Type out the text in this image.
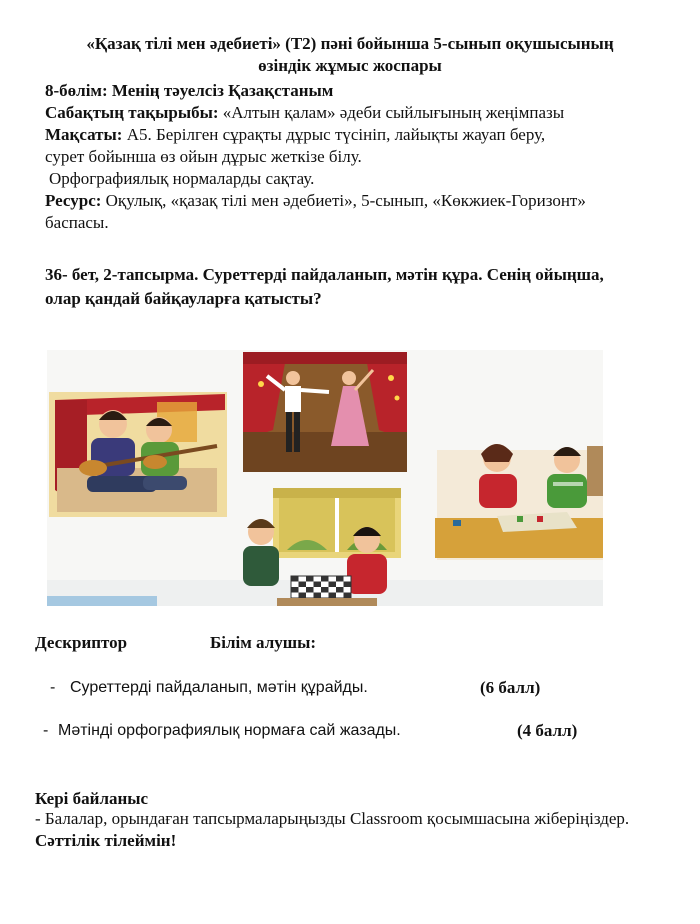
«Қазақ тілі мен әдебиеті» (Т2) пәні бойынша 5-сынып оқушысының
өзіндік жұмыс жоспары
8-бөлім: Менің тәуелсіз Қазақстаным
Сабақтың тақырыбы: «Алтын қалам» әдеби сыйлығының жеңімпазы
Мақсаты: А5. Берілген сұрақты дұрыс түсініп, лайықты жауап беру,
сурет бойынша өз ойын дұрыс жеткізе білу.
Орфографиялық нормаларды сақтау.
Ресурс: Оқулық, «қазақ тілі мен әдебиеті», 5-сынып, «Көкжиек-Горизонт»
баспасы.
36- бет, 2-тапсырма. Суреттерді пайдаланып, мәтін құра. Сенің ойыңша,
олар қандай байқауларға қатысты?
Дескриптор	Білім алушы:
- Суреттерді пайдаланып, мәтін құрайды.	(6 балл)
- Мәтінді орфографиялық нормаға сай жазады.	(4 балл)
Кері байланыс
- Балалар, орындаған тапсырмаларыңызды Classroom қосымшасына жіберіңіздер.
Сәттілік тілеймін!
